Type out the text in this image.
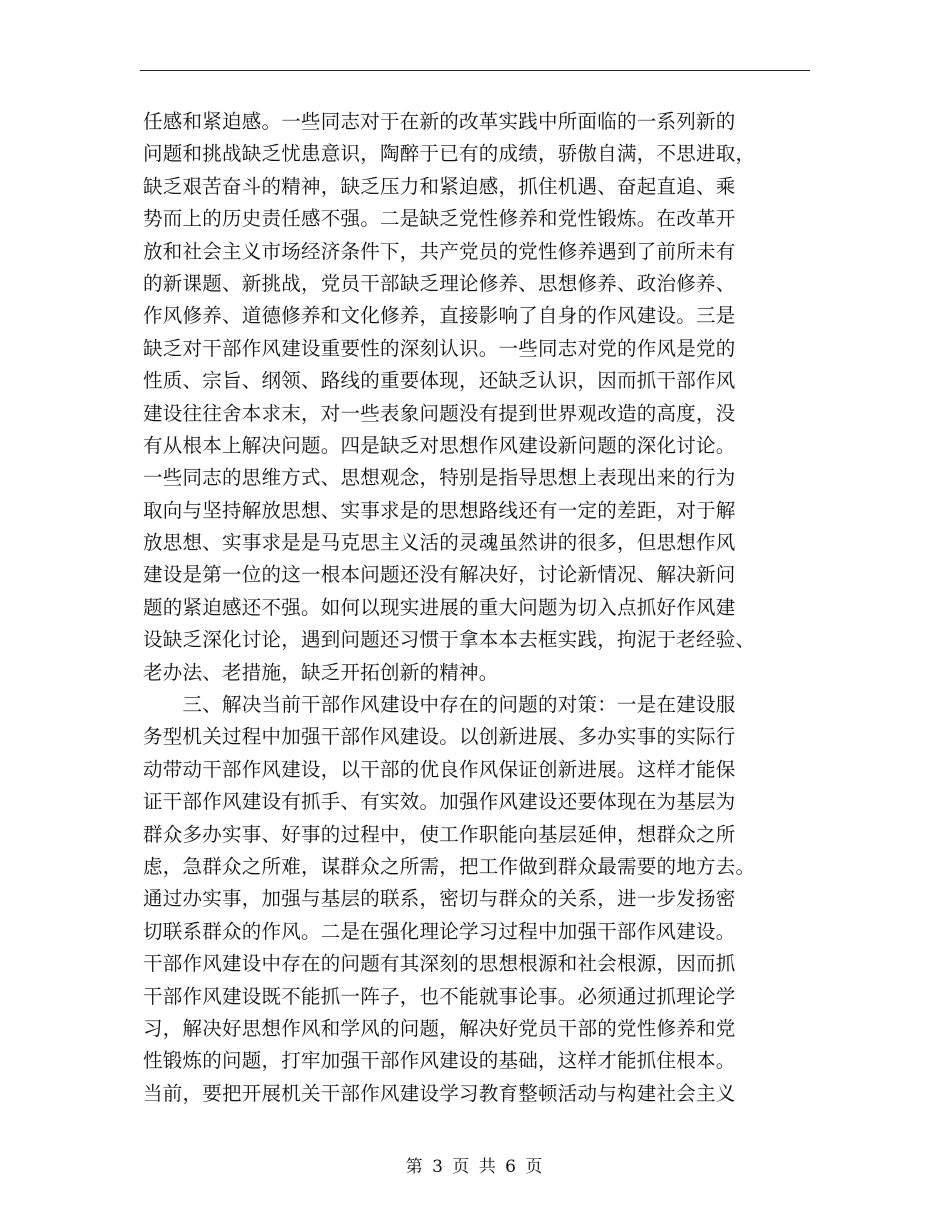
任感和紧迫感。一些同志对于在新的改革实践中所面临的一系列新的
问题和挑战缺乏忧患意识，陶醉于已有的成绩，骄傲自满，不思进取，
缺乏艰苦奋斗的精神，缺乏压力和紧迫感，抓住机遇、奋起直追、乘
势而上的历史责任感不强。二是缺乏党性修养和党性锻炼。在改革开
放和社会主义市场经济条件下，共产党员的党性修养遇到了前所未有
的新课题、新挑战，党员干部缺乏理论修养、思想修养、政治修养、
作风修养、道德修养和文化修养，直接影响了自身的作风建设。三是
缺乏对干部作风建设重要性的深刻认识。一些同志对党的作风是党的
性质、宗旨、纲领、路线的重要体现，还缺乏认识，因而抓干部作风
建设往往舍本求末，对一些表象问题没有提到世界观改造的高度，没
有从根本上解决问题。四是缺乏对思想作风建设新问题的深化讨论。
一些同志的思维方式、思想观念，特别是指导思想上表现出来的行为
取向与坚持解放思想、实事求是的思想路线还有一定的差距，对于解
放思想、实事求是是马克思主义活的灵魂虽然讲的很多，但思想作风
建设是第一位的这一根本问题还没有解决好，讨论新情况、解决新问
题的紧迫感还不强。如何以现实进展的重大问题为切入点抓好作风建
设缺乏深化讨论，遇到问题还习惯于拿本本去框实践，拘泥于老经验、
老办法、老措施，缺乏开拓创新的精神。
　　三、解决当前干部作风建设中存在的问题的对策：一是在建设服
务型机关过程中加强干部作风建设。以创新进展、多办实事的实际行
动带动干部作风建设，以干部的优良作风保证创新进展。这样才能保
证干部作风建设有抓手、有实效。加强作风建设还要体现在为基层为
群众多办实事、好事的过程中，使工作职能向基层延伸，想群众之所
虑，急群众之所难，谋群众之所需，把工作做到群众最需要的地方去。
通过办实事，加强与基层的联系，密切与群众的关系，进一步发扬密
切联系群众的作风。二是在强化理论学习过程中加强干部作风建设。
干部作风建设中存在的问题有其深刻的思想根源和社会根源，因而抓
干部作风建设既不能抓一阵子，也不能就事论事。必须通过抓理论学
习，解决好思想作风和学风的问题，解决好党员干部的党性修养和党
性锻炼的问题，打牢加强干部作风建设的基础，这样才能抓住根本。
当前，要把开展机关干部作风建设学习教育整顿活动与构建社会主义
第 3 页 共 6 页
